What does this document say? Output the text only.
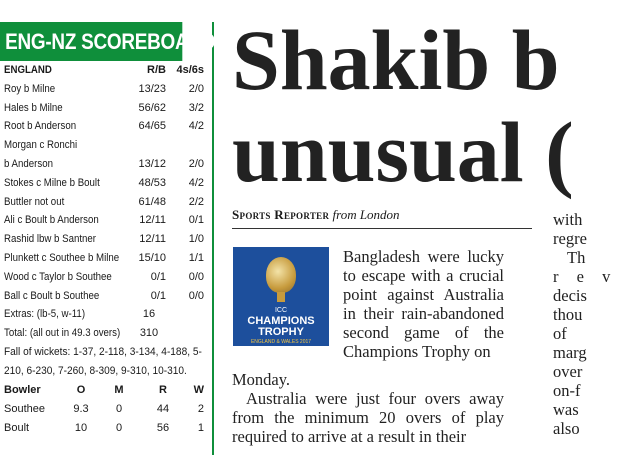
ENG-NZ SCOREBOARD
ENGLAND	R/B 4s/6s
Roy b Milne	13/23 2/0
Hales b Milne	56/62 3/2
Root b Anderson	64/65 4/2
Morgan c Ronchi
b Anderson	13/12 2/0
Stokes c Milne b Boult	48/53 4/2
Buttler not out	61/48 2/2
Ali c Boult b Anderson	12/11 0/1
Rashid lbw b Santner	12/11 1/0
Plunkett c Southee b Milne 15/10 1/1
Wood c Taylor b Southee	0/1 0/0
Ball c Boult b Southee	0/1 0/0
Extras: (lb-5, w-11)	16
Total: (all out in 49.3 overs)	310
Fall of wickets: 1-37, 2-118, 3-134, 4-188, 5-210, 6-230, 7-260, 8-309, 9-310, 10-310.
Bowler	O	M	R	W
Southee	9.3	0	44	2
Boult	10	0	56	1
Shakib b
unusual (
Sports Reporter from London
ICC
CHAMPIONS
TROPHY
ENGLAND & WALES 2017
Bangladesh were lucky to escape with a crucial point against Australia in their rain-abandoned second game of the Champions Trophy on
Monday.
Australia were just four overs away from the minimum 20 overs of play required to arrive at a result in their
with
regre
Th
r e v
decis
thou
of
marg
over
on-f
was
also
